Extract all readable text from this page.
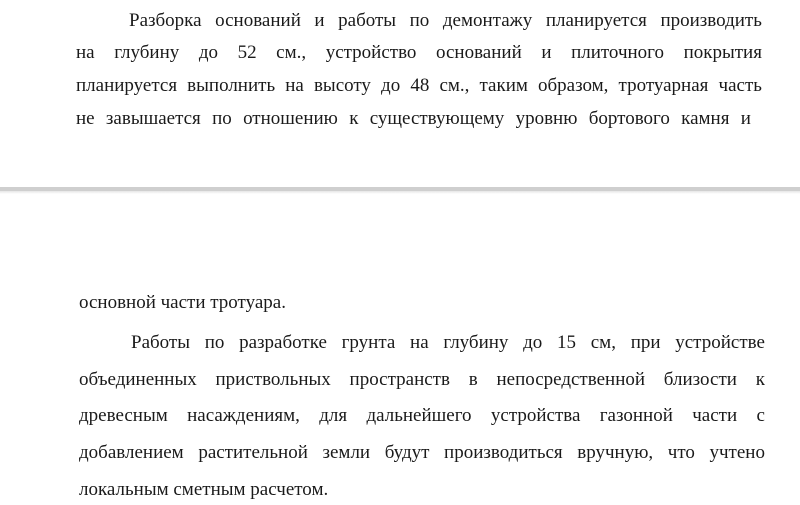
Разборка оснований и работы по демонтажу планируется производить
на глубину до 52 см., устройство оснований и плиточного покрытия
планируется выполнить на высоту до 48 см., таким образом, тротуарная часть
не завышается по отношению к существующему уровню бортового камня и
основной части тротуара.
Работы по разработке грунта на глубину до 15 см, при устройстве
объединенных приствольных пространств в непосредственной близости к
древесным насаждениям, для дальнейшего устройства газонной части с
добавлением растительной земли будут производиться вручную, что учтено
локальным сметным расчетом.
